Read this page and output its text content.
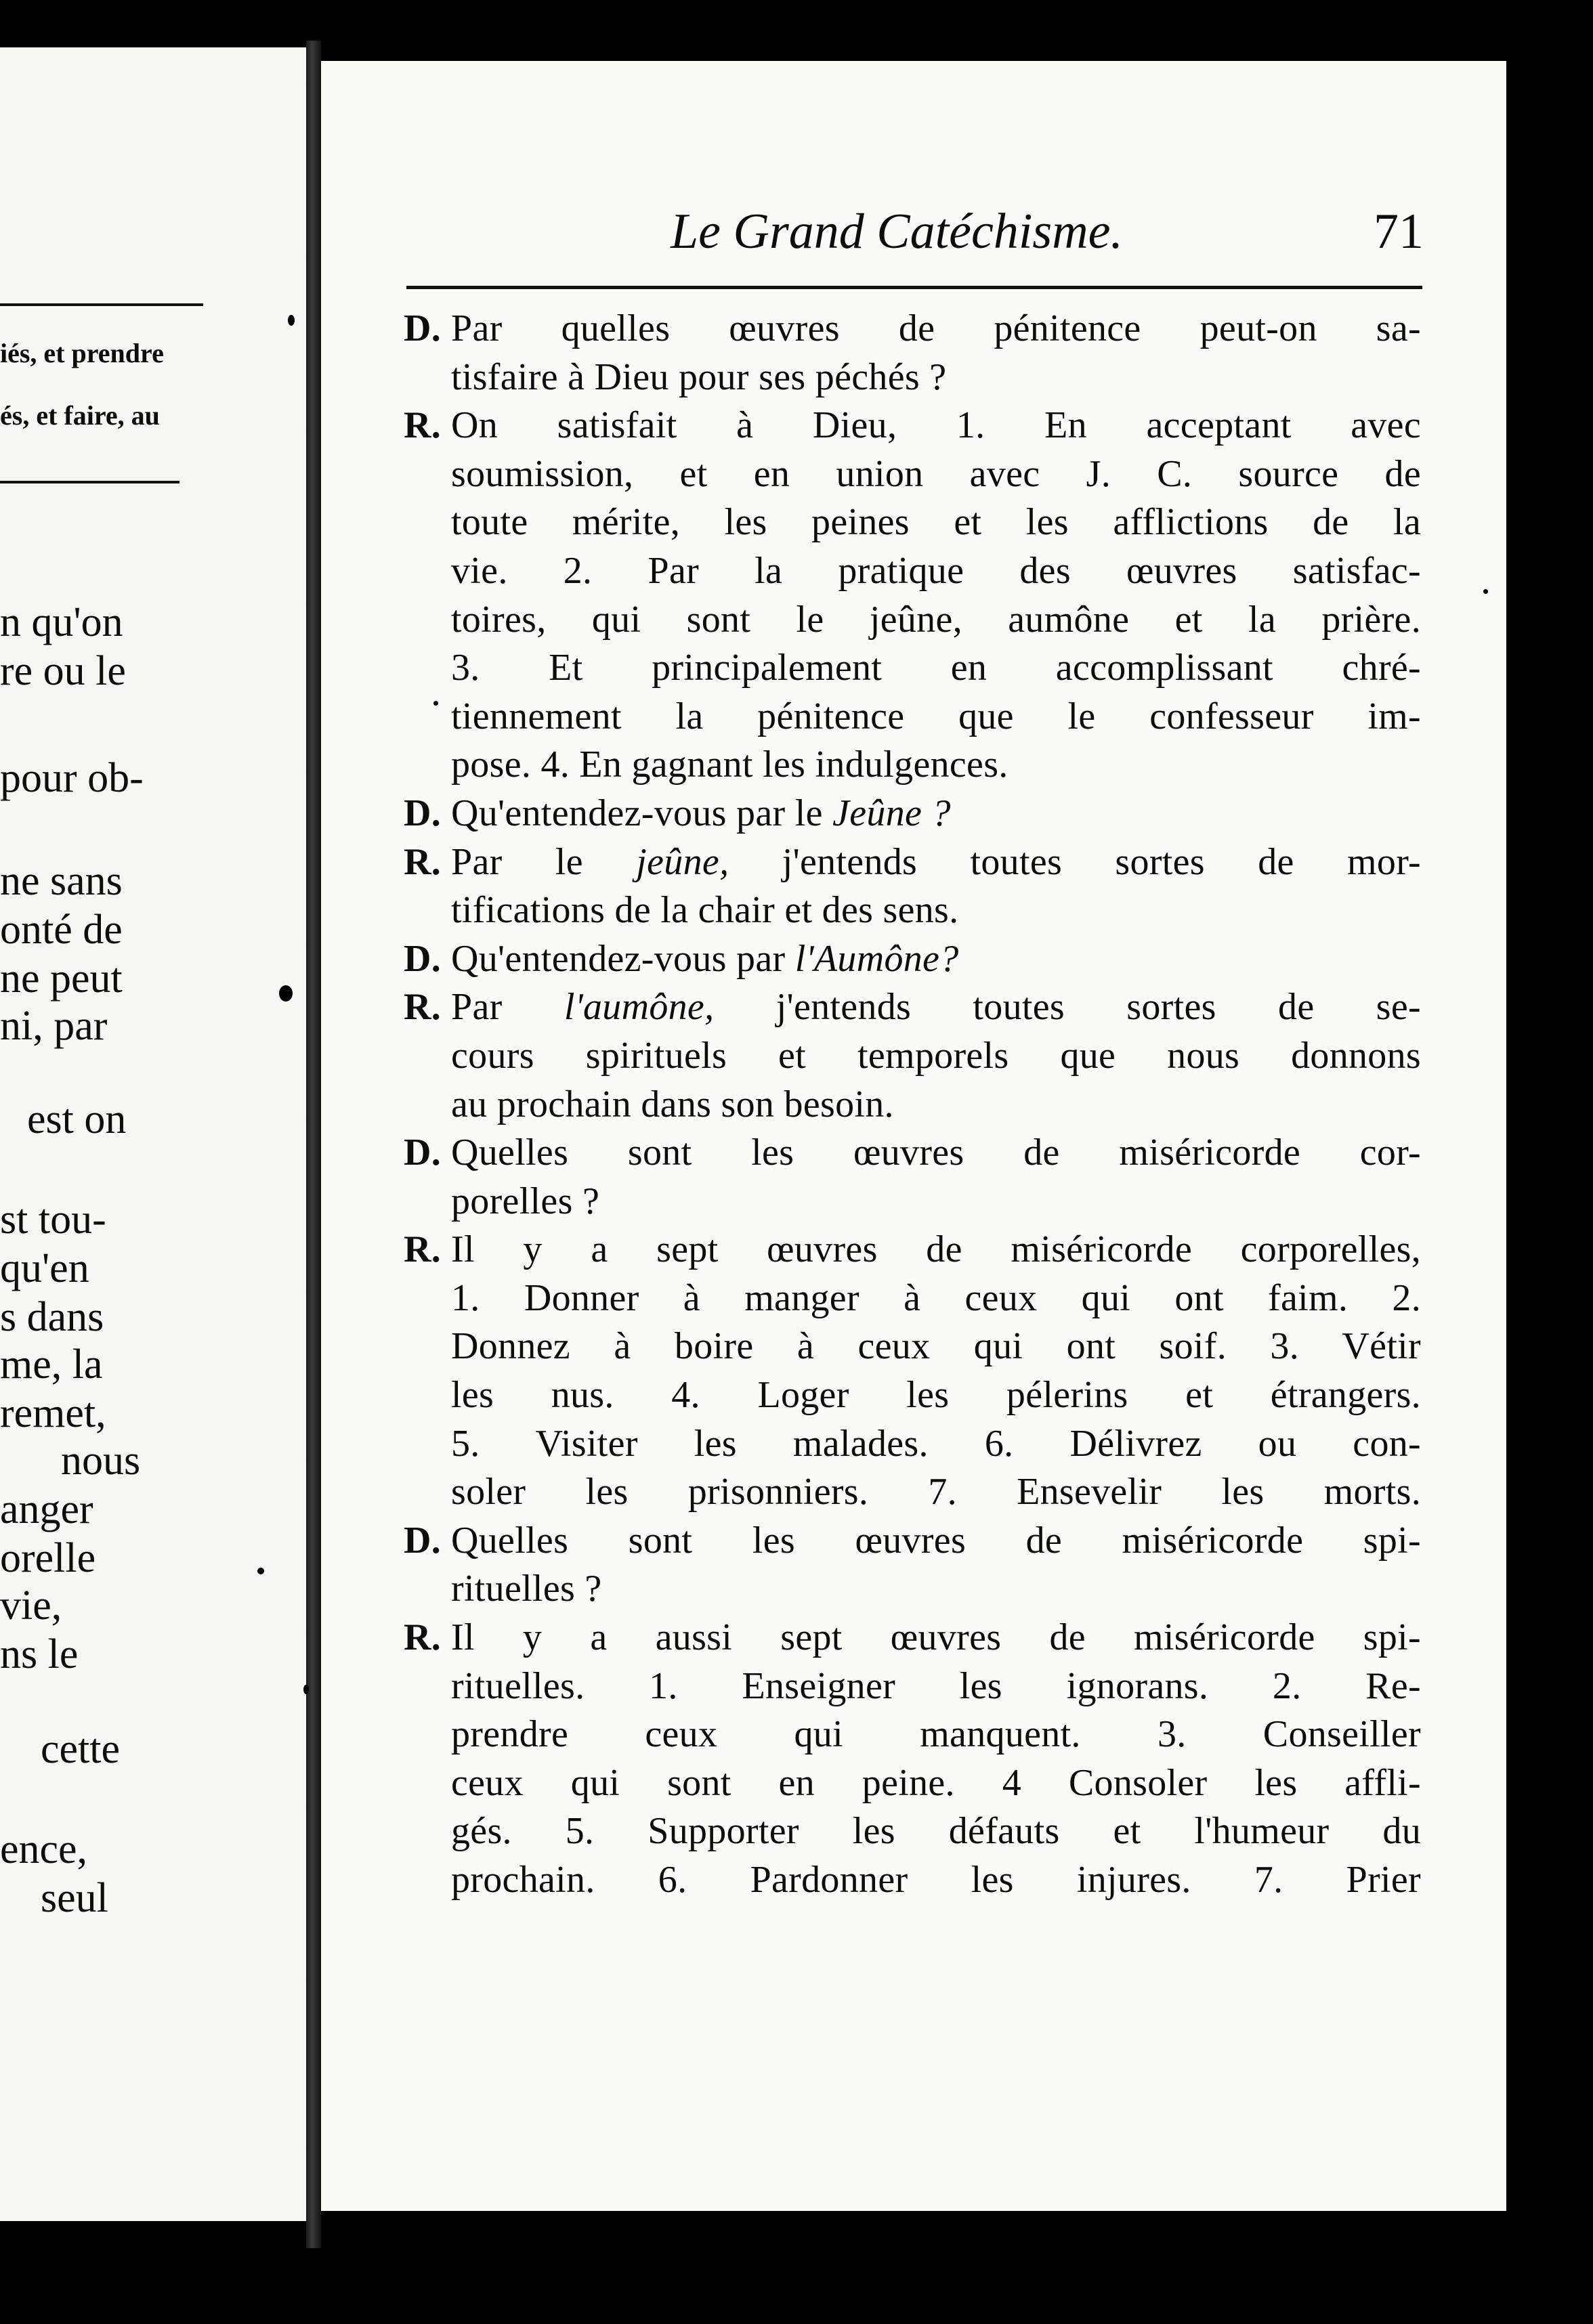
iés, et prendre
és, et faire, au
n qu'on
re ou le
pour ob-
ne sans
onté de
ne peut
ni, par
est on
st tou-
qu'en
s dans
me, la
remet,
nous
anger
orelle
vie,
ns le
cette
ence,
seul
Le Grand Catéchisme.	71
D. Par quelles œuvres de pénitence peut-on sa-
tisfaire à Dieu pour ses péchés ?
R. On satisfait à Dieu, 1. En acceptant avec
soumission, et en union avec J. C. source de
toute mérite, les peines et les afflictions de la
vie. 2. Par la pratique des œuvres satisfac-
toires, qui sont le jeûne, aumône et la prière.
3. Et principalement en accomplissant chré-
tiennement la pénitence que le confesseur im-
pose. 4. En gagnant les indulgences.
D. Qu'entendez-vous par le Jeûne ?
R. Par le jeûne, j'entends toutes sortes de mor-
tifications de la chair et des sens.
D. Qu'entendez-vous par l'Aumône?
R. Par l'aumône, j'entends toutes sortes de se-
cours spirituels et temporels que nous donnons
au prochain dans son besoin.
D. Quelles sont les œuvres de miséricorde cor-
porelles ?
R. Il y a sept œuvres de miséricorde corporelles,
1. Donner à manger à ceux qui ont faim. 2.
Donnez à boire à ceux qui ont soif. 3. Vétir
les nus. 4. Loger les pélerins et étrangers.
5. Visiter les malades. 6. Délivrez ou con-
soler les prisonniers. 7. Ensevelir les morts.
D. Quelles sont les œuvres de miséricorde spi-
rituelles ?
R. Il y a aussi sept œuvres de miséricorde spi-
rituelles. 1. Enseigner les ignorans. 2. Re-
prendre ceux qui manquent. 3. Conseiller
ceux qui sont en peine. 4 Consoler les affli-
gés. 5. Supporter les défauts et l'humeur du
prochain. 6. Pardonner les injures. 7. Prier
